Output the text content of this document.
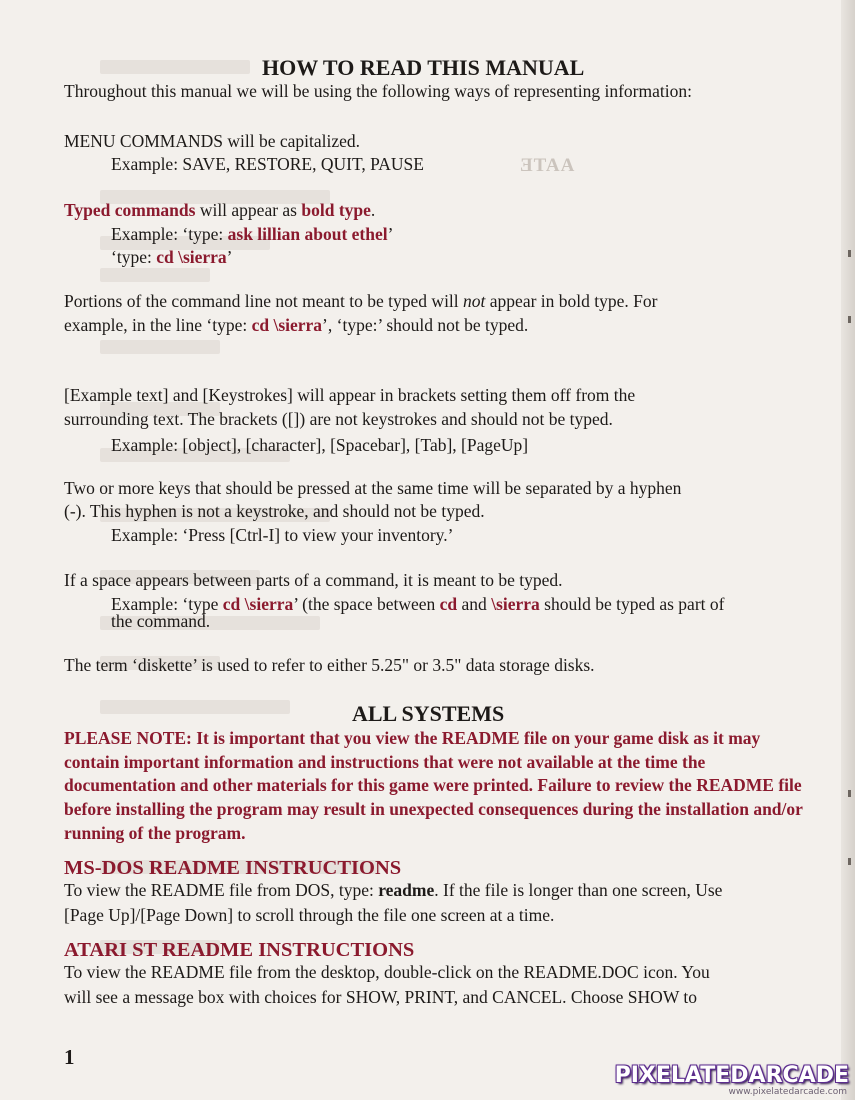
ƎTAA
HOW TO READ THIS MANUAL
Throughout this manual we will be using the following ways of representing information:
MENU COMMANDS will be capitalized.
Example: SAVE, RESTORE, QUIT, PAUSE
Typed commands will appear as bold type.
Example: ‘type: ask lillian about ethel’
‘type: cd \sierra’
Portions of the command line not meant to be typed will not appear in bold type. For
example, in the line ‘type: cd \sierra’, ‘type:’ should not be typed.
[Example text] and [Keystrokes] will appear in brackets setting them off from the
surrounding text. The brackets ([]) are not keystrokes and should not be typed.
Example: [object], [character], [Spacebar], [Tab], [PageUp]
Two or more keys that should be pressed at the same time will be separated by a hyphen
(-). This hyphen is not a keystroke, and should not be typed.
Example: ‘Press [Ctrl-I] to view your inventory.’
If a space appears between parts of a command, it is meant to be typed.
Example: ‘type cd \sierra’ (the space between cd and \sierra should be typed as part of
the command.
The term ‘diskette’ is used to refer to either 5.25" or 3.5" data storage disks.
ALL SYSTEMS
PLEASE NOTE: It is important that you view the README file on your game disk as it may contain important information and instructions that were not available at the time the documentation and other materials for this game were printed. Failure to review the README file before installing the program may result in unexpected consequences during the installation and/or running of the program.
MS-DOS README INSTRUCTIONS
To view the README file from DOS, type: readme. If the file is longer than one screen, Use
[Page Up]/[Page Down] to scroll through the file one screen at a time.
ATARI ST README INSTRUCTIONS
To view the README file from the desktop, double-click on the README.DOC icon. You
will see a message box with choices for SHOW, PRINT, and CANCEL. Choose SHOW to
1
PIXELATEDARCADE
www.pixelatedarcade.com
